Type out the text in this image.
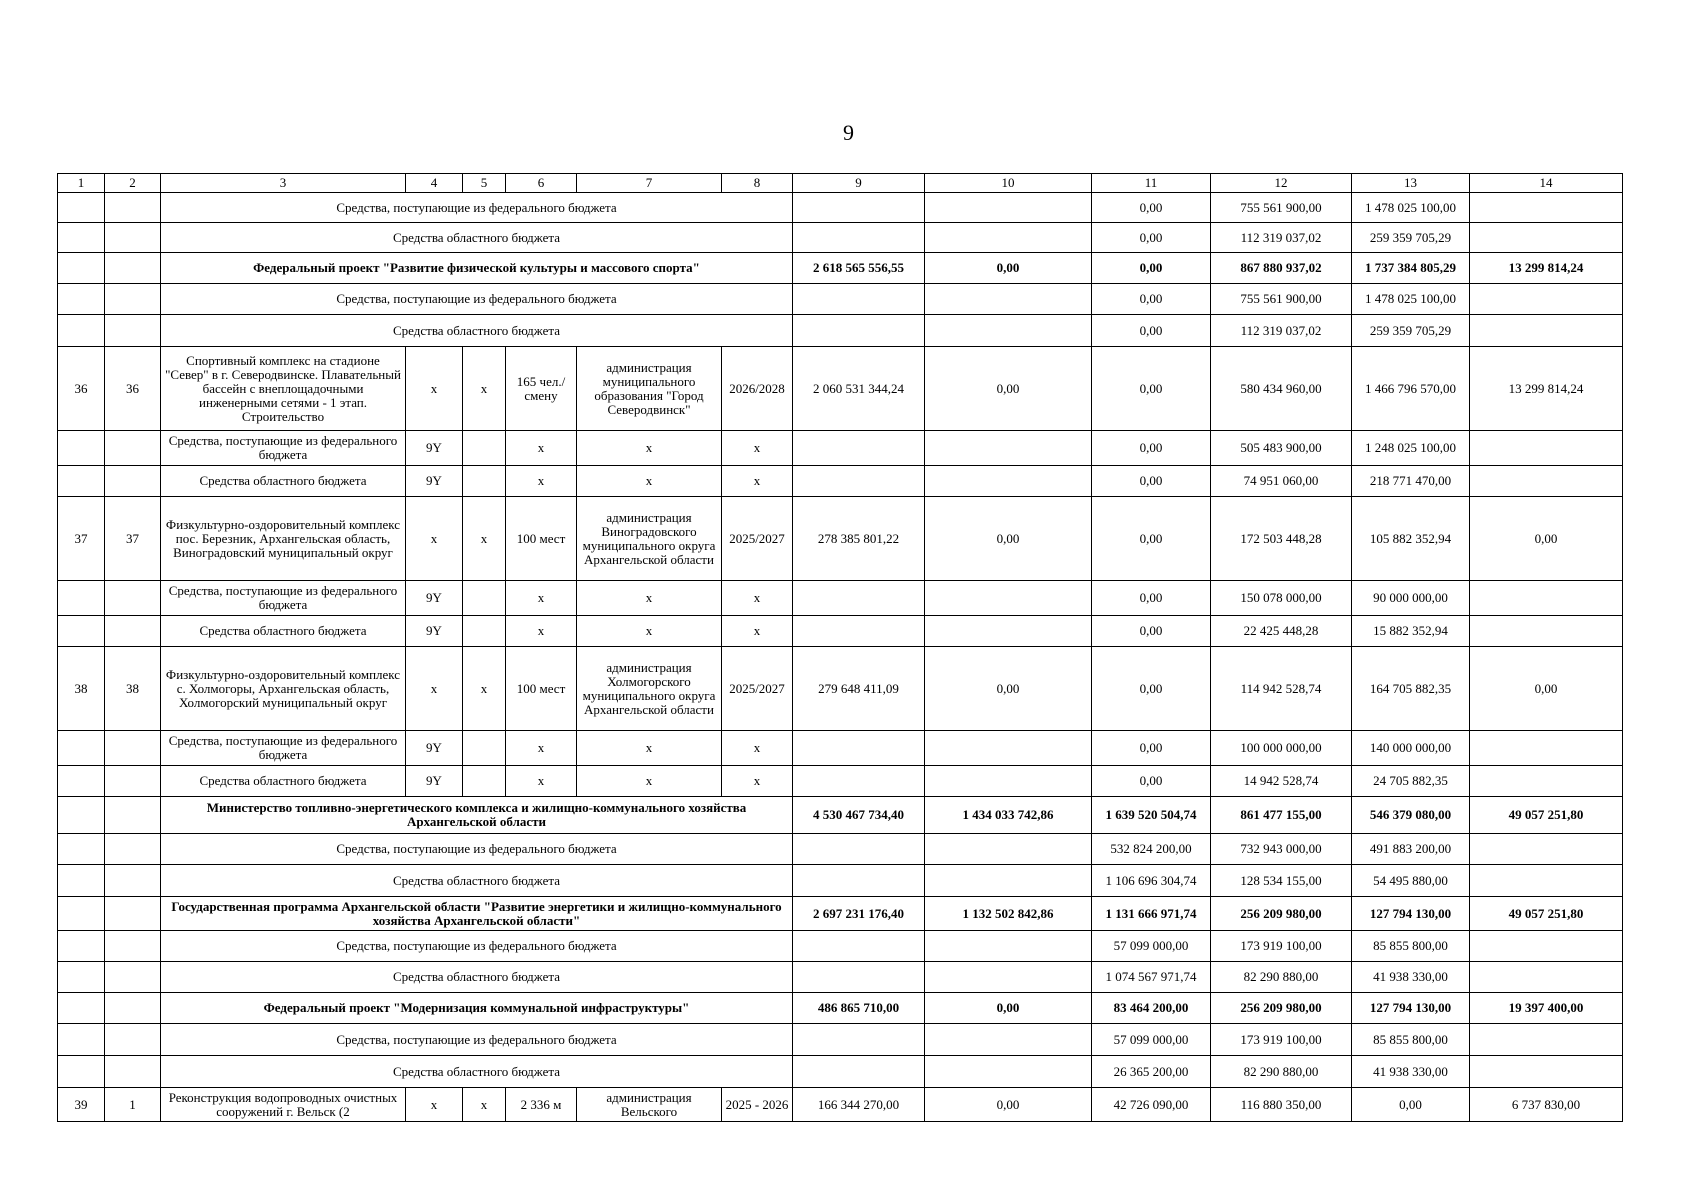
9
1	2	3	4	5	6	7	8	9	10	11	12	13	14
		Средства, поступающие из федерального бюджета								0,00	755 561 900,00	1 478 025 100,00	
		Средства областного бюджета								0,00	112 319 037,02	259 359 705,29	
		Федеральный проект "Развитие физической культуры и массового спорта"						2 618 565 556,55	0,00	0,00	867 880 937,02	1 737 384 805,29	13 299 814,24
		Средства, поступающие из федерального бюджета								0,00	755 561 900,00	1 478 025 100,00	
		Средства областного бюджета								0,00	112 319 037,02	259 359 705,29	
36	36	Спортивный комплекс на стадионе "Север" в г. Северодвинске. Плавательный бассейн с внеплощадочными инженерными сетями - 1 этап. Строительство	х	х	165 чел./смену	администрация муниципального образования "Город Северодвинск"	2026/2028	2 060 531 344,24	0,00	0,00	580 434 960,00	1 466 796 570,00	13 299 814,24
		Средства, поступающие из федерального бюджета	9Y		х	х	х			0,00	505 483 900,00	1 248 025 100,00	
		Средства областного бюджета	9Y		х	х	х			0,00	74 951 060,00	218 771 470,00	
37	37	Физкультурно-оздоровительный комплекс пос. Березник, Архангельская область, Виноградовский муниципальный округ	х	х	100 мест	администрация Виноградовского муниципального округа Архангельской области	2025/2027	278 385 801,22	0,00	0,00	172 503 448,28	105 882 352,94	0,00
		Средства, поступающие из федерального бюджета	9Y		х	х	х			0,00	150 078 000,00	90 000 000,00	
		Средства областного бюджета	9Y		х	х	х			0,00	22 425 448,28	15 882 352,94	
38	38	Физкультурно-оздоровительный комплекс с. Холмогоры, Архангельская область, Холмогорский муниципальный округ	х	х	100 мест	администрация Холмогорского муниципального округа Архангельской области	2025/2027	279 648 411,09	0,00	0,00	114 942 528,74	164 705 882,35	0,00
		Средства, поступающие из федерального бюджета	9Y		х	х	х			0,00	100 000 000,00	140 000 000,00	
		Средства областного бюджета	9Y		х	х	х			0,00	14 942 528,74	24 705 882,35	
		Министерство топливно-энергетического комплекса и жилищно-коммунального хозяйства Архангельской области						4 530 467 734,40	1 434 033 742,86	1 639 520 504,74	861 477 155,00	546 379 080,00	49 057 251,80
		Средства, поступающие из федерального бюджета								532 824 200,00	732 943 000,00	491 883 200,00	
		Средства областного бюджета								1 106 696 304,74	128 534 155,00	54 495 880,00	
		Государственная программа Архангельской области "Развитие энергетики и жилищно-коммунального хозяйства Архангельской области"						2 697 231 176,40	1 132 502 842,86	1 131 666 971,74	256 209 980,00	127 794 130,00	49 057 251,80
		Средства, поступающие из федерального бюджета								57 099 000,00	173 919 100,00	85 855 800,00	
		Средства областного бюджета								1 074 567 971,74	82 290 880,00	41 938 330,00	
		Федеральный проект "Модернизация коммунальной инфраструктуры"						486 865 710,00	0,00	83 464 200,00	256 209 980,00	127 794 130,00	19 397 400,00
		Средства, поступающие из федерального бюджета								57 099 000,00	173 919 100,00	85 855 800,00	
		Средства областного бюджета								26 365 200,00	82 290 880,00	41 938 330,00	
39	1	Реконструкция водопроводных очистных сооружений г. Вельск (2	х	х	2 336 м	администрация Вельского	2025 - 2026	166 344 270,00	0,00	42 726 090,00	116 880 350,00	0,00	6 737 830,00
